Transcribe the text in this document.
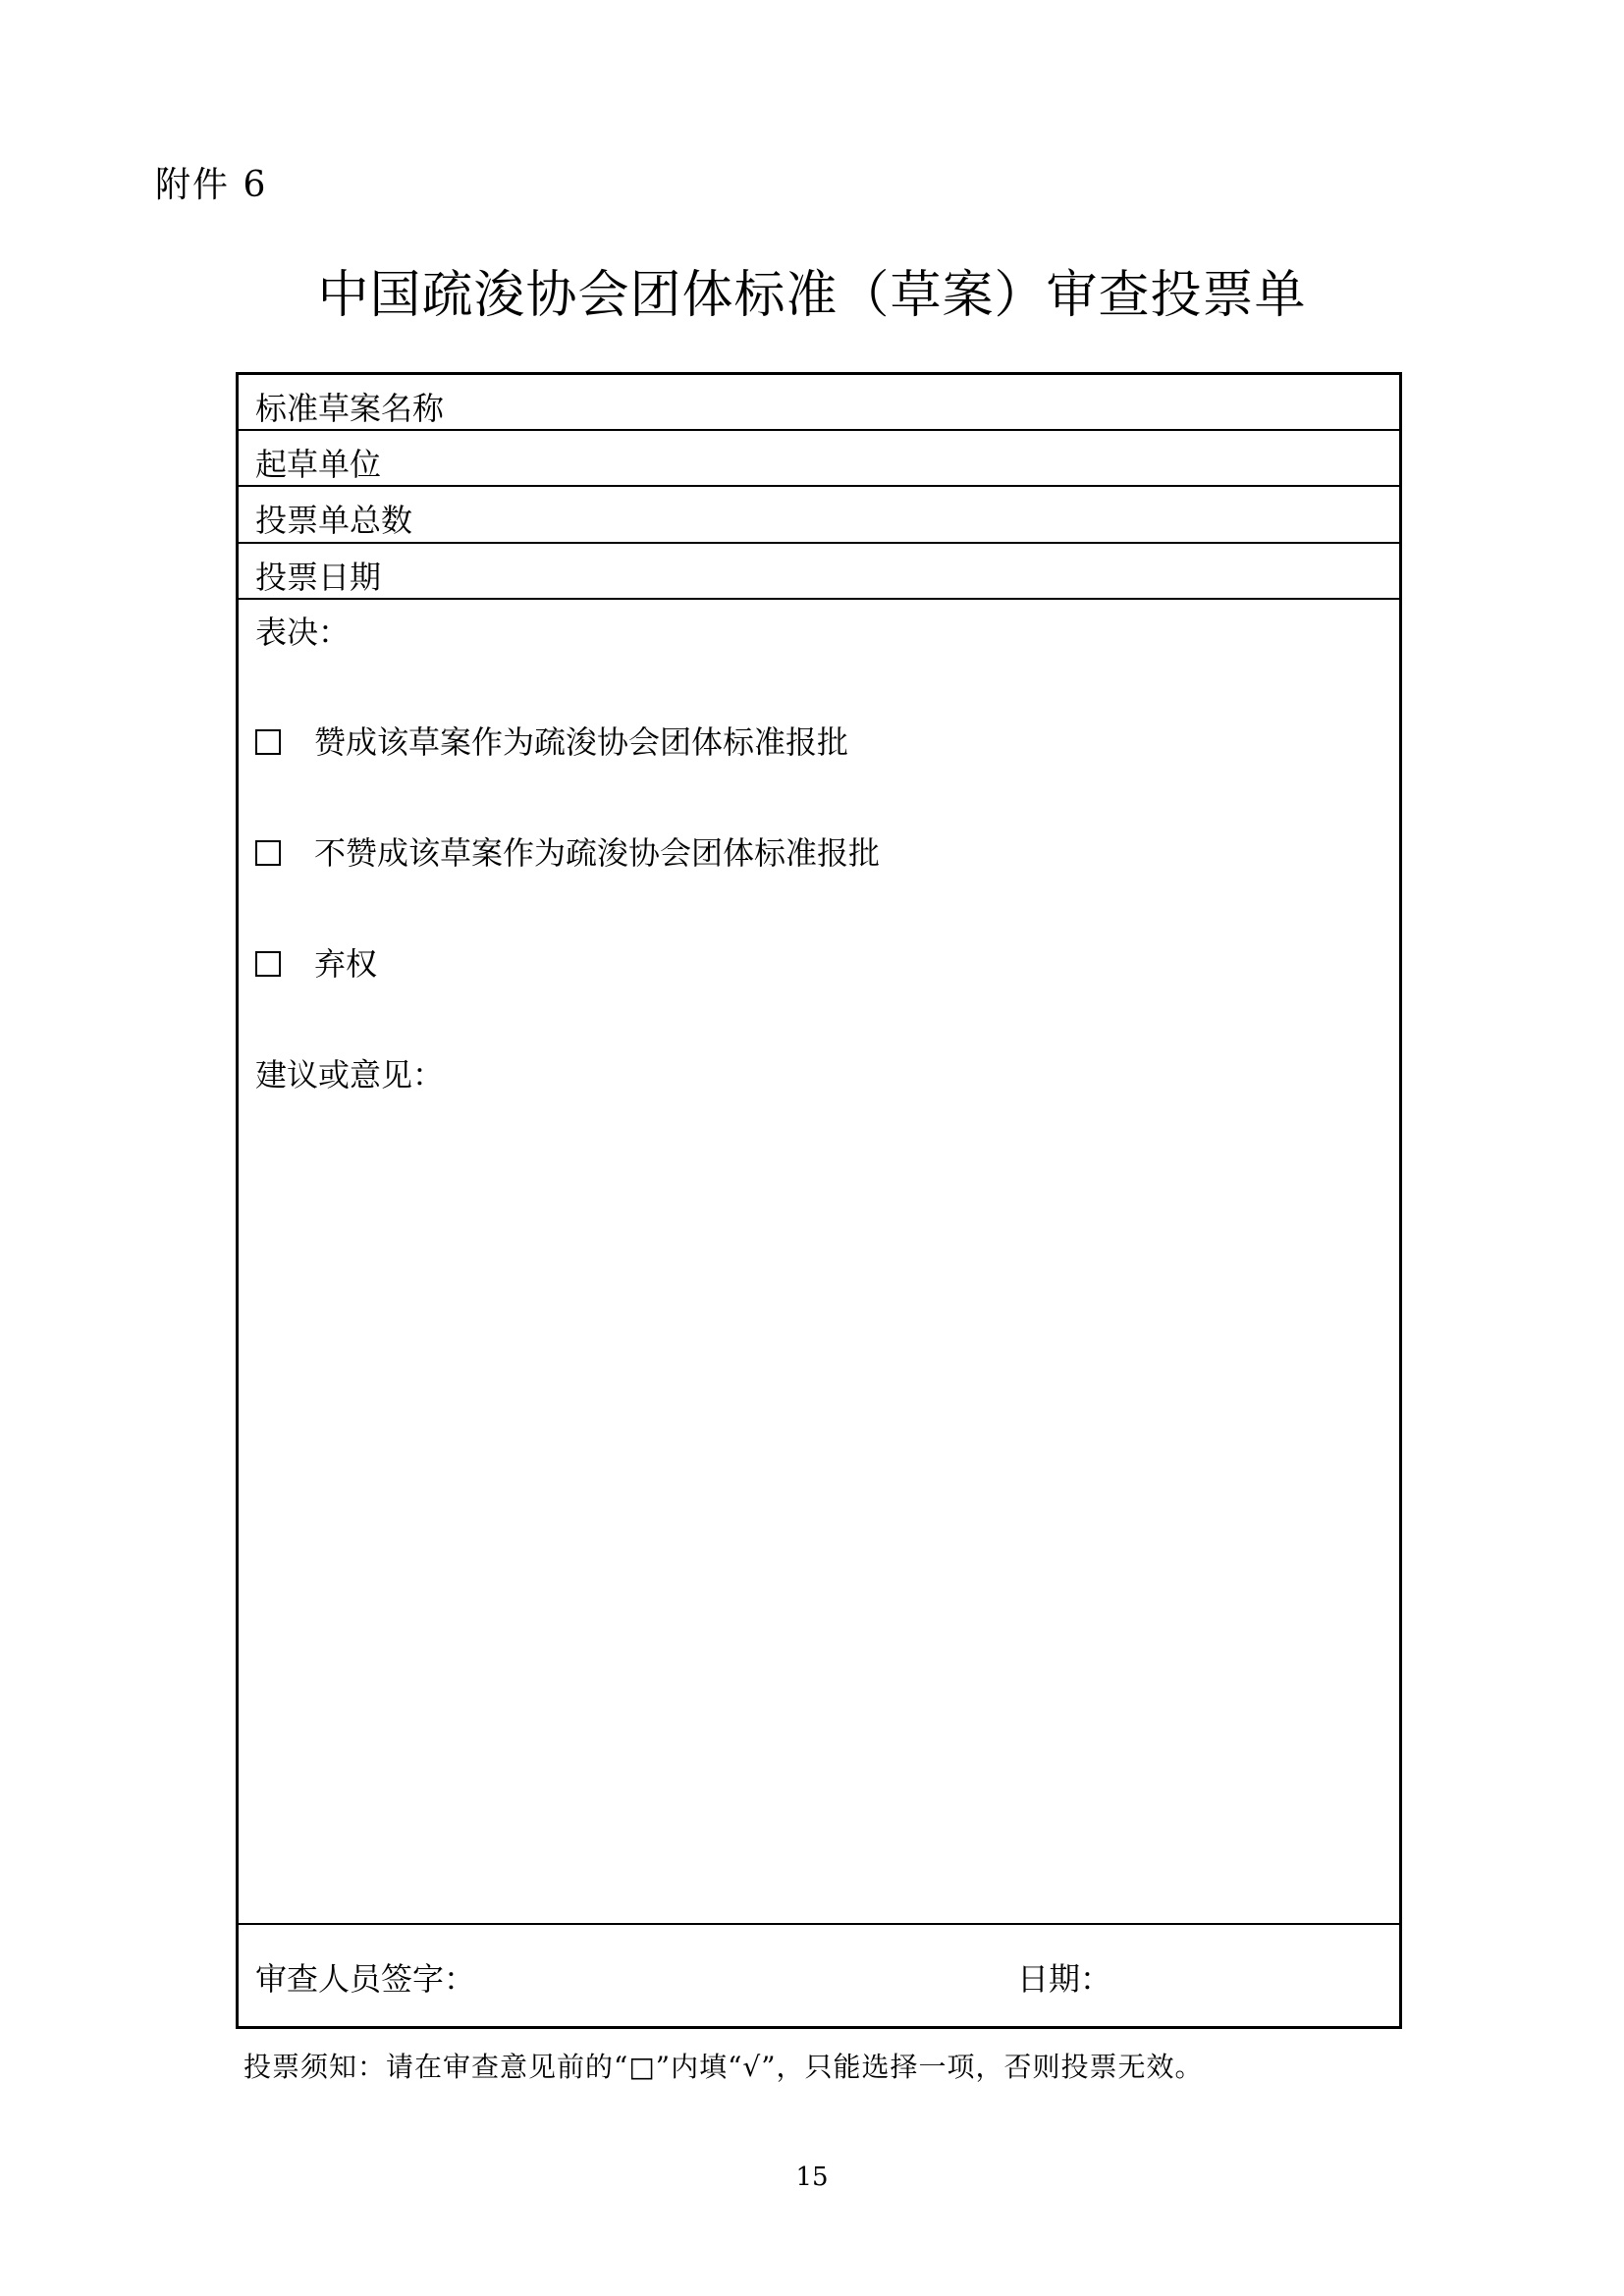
附件 6
中国疏浚协会团体标准（草案）审查投票单
标准草案名称
起草单位
投票单总数
投票日期
表决：
赞成该草案作为疏浚协会团体标准报批
不赞成该草案作为疏浚协会团体标准报批
弃权
建议或意见：
审查人员签字：	日期：
投票须知：请在审查意见前的“□”内填“√”，只能选择一项，否则投票无效。
15
